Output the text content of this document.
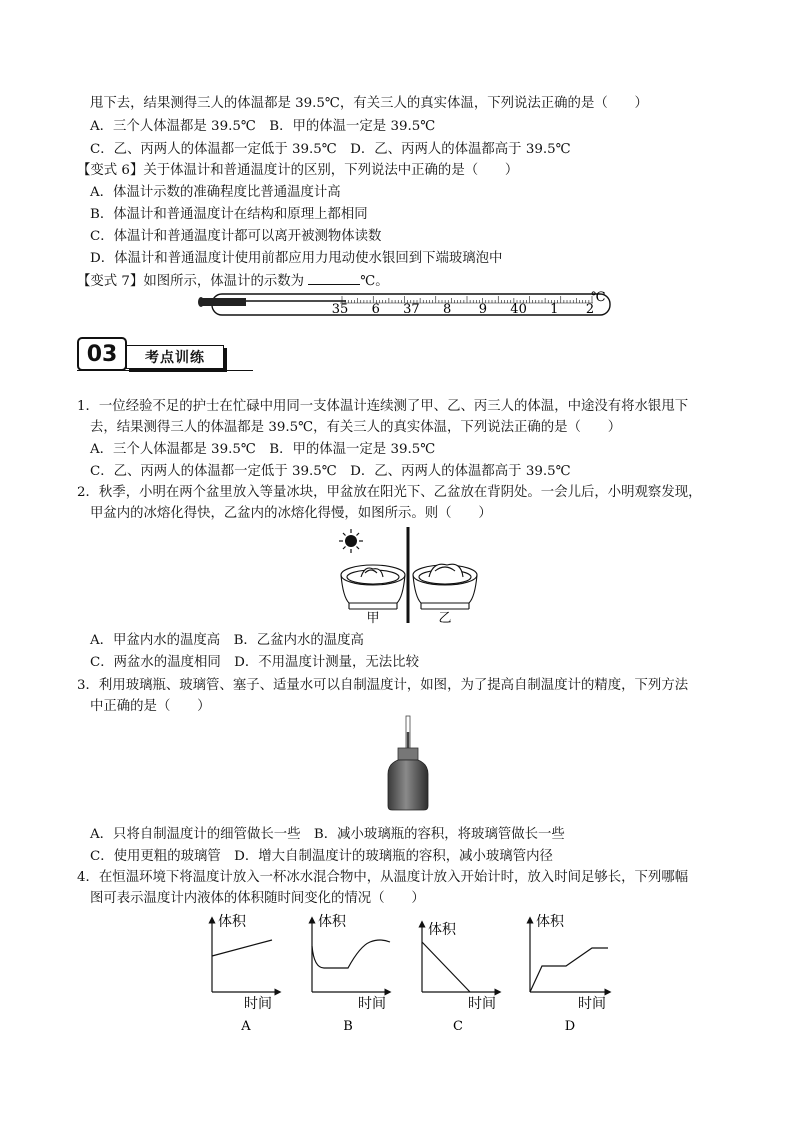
甩下去，结果测得三人的体温都是 39.5℃，有关三人的真实体温，下列说法正确的是（　　）
A．三个人体温都是 39.5℃　B．甲的体温一定是 39.5℃
C．乙、丙两人的体温都一定低于 39.5℃　D．乙、丙两人的体温都高于 39.5℃
【变式 6】关于体温计和普通温度计的区别，下列说法中正确的是（　　）
A．体温计示数的准确程度比普通温度计高
B．体温计和普通温度计在结构和原理上都相同
C．体温计和普通温度计都可以离开被测物体读数
D．体温计和普通温度计使用前都应用力甩动使水银回到下端玻璃泡中
【变式 7】如图所示，体温计的示数为	℃。
35 6 37 8 9 40 1 2
℃
03	考点训练
1．一位经验不足的护士在忙碌中用同一支体温计连续测了甲、乙、丙三人的体温，中途没有将水银甩下
去，结果测得三人的体温都是 39.5℃，有关三人的真实体温，下列说法正确的是（　　）
A．三个人体温都是 39.5℃　B．甲的体温一定是 39.5℃
C．乙、丙两人的体温都一定低于 39.5℃　D．乙、丙两人的体温都高于 39.5℃
2．秋季，小明在两个盆里放入等量冰块，甲盆放在阳光下、乙盆放在背阴处。一会儿后，小明观察发现，
甲盆内的冰熔化得快，乙盆内的冰熔化得慢，如图所示。则（　　）
甲	乙
A．甲盆内水的温度高　B．乙盆内水的温度高
C．两盆水的温度相同　D．不用温度计测量，无法比较
3．利用玻璃瓶、玻璃管、塞子、适量水可以自制温度计，如图，为了提高自制温度计的精度，下列方法
中正确的是（　　）
A．只将自制温度计的细管做长一些　B．减小玻璃瓶的容积，将玻璃管做长一些
C．使用更粗的玻璃管　D．增大自制温度计的玻璃瓶的容积，减小玻璃管内径
4．在恒温环境下将温度计放入一杯冰水混合物中，从温度计放入开始计时，放入时间足够长，下列哪幅
图可表示温度计内液体的体积随时间变化的情况（　　）
体积
时间
A
体积
时间
B
体积
时间
C
体积
时间
D
